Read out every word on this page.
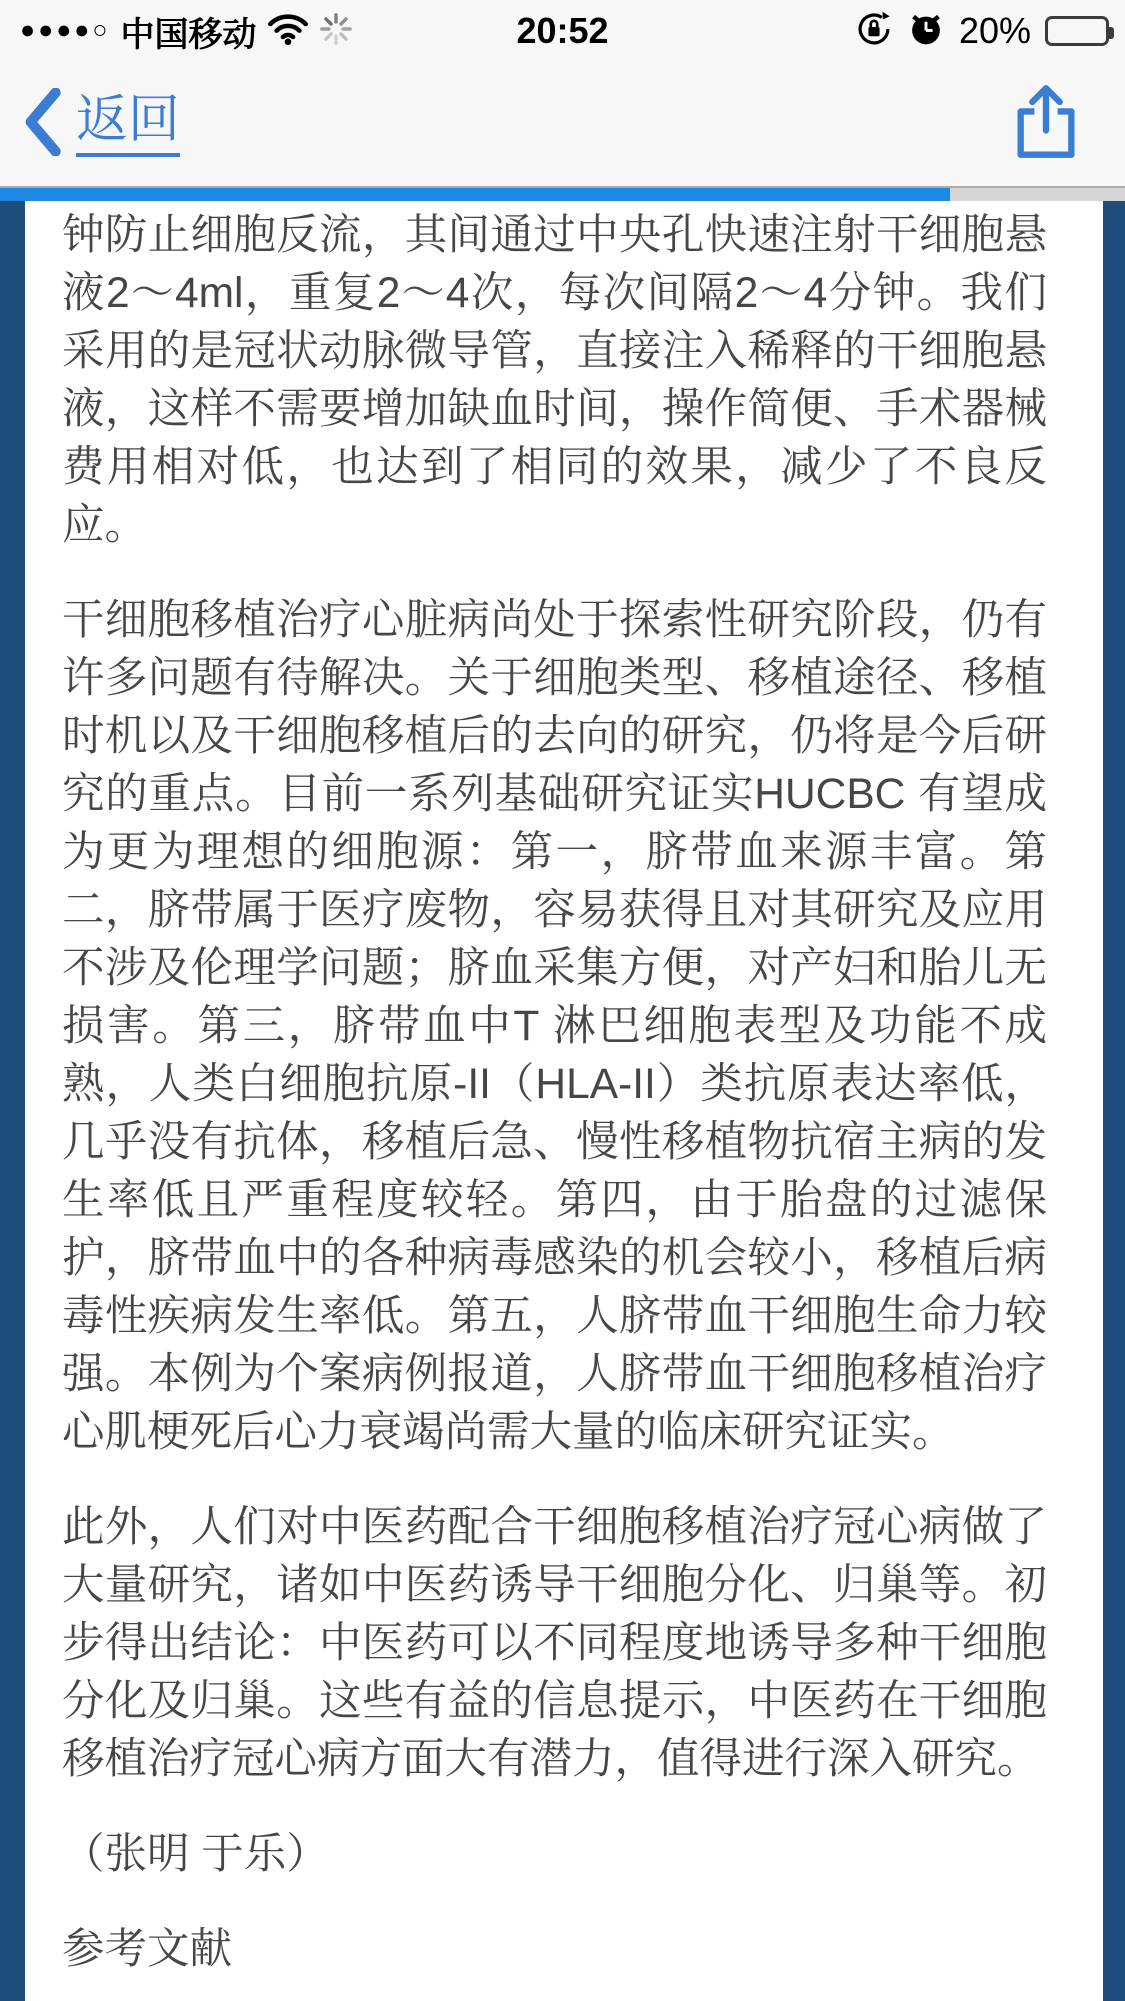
●●●●○ 中国移动	20:52	20%
返回

钟防止细胞反流，其间通过中央孔快速注射干细胞悬液2～4ml，重复2～4次，每次间隔2～4分钟。我们采用的是冠状动脉微导管，直接注入稀释的干细胞悬液，这样不需要增加缺血时间，操作简便、手术器械费用相对低，也达到了相同的效果，减少了不良反应。

干细胞移植治疗心脏病尚处于探索性研究阶段，仍有许多问题有待解决。关于细胞类型、移植途径、移植时机以及干细胞移植后的去向的研究，仍将是今后研究的重点。目前一系列基础研究证实HUCBC 有望成为更为理想的细胞源：第一，脐带血来源丰富。第二，脐带属于医疗废物，容易获得且对其研究及应用不涉及伦理学问题；脐血采集方便，对产妇和胎儿无损害。第三，脐带血中T 淋巴细胞表型及功能不成熟，人类白细胞抗原-II（HLA-II）类抗原表达率低，几乎没有抗体，移植后急、慢性移植物抗宿主病的发生率低且严重程度较轻。第四，由于胎盘的过滤保护，脐带血中的各种病毒感染的机会较小，移植后病毒性疾病发生率低。第五，人脐带血干细胞生命力较强。本例为个案病例报道，人脐带血干细胞移植治疗心肌梗死后心力衰竭尚需大量的临床研究证实。

此外，人们对中医药配合干细胞移植治疗冠心病做了大量研究，诸如中医药诱导干细胞分化、归巢等。初步得出结论：中医药可以不同程度地诱导多种干细胞分化及归巢。这些有益的信息提示，中医药在干细胞移植治疗冠心病方面大有潜力，值得进行深入研究。

（张明 于乐）

参考文献
